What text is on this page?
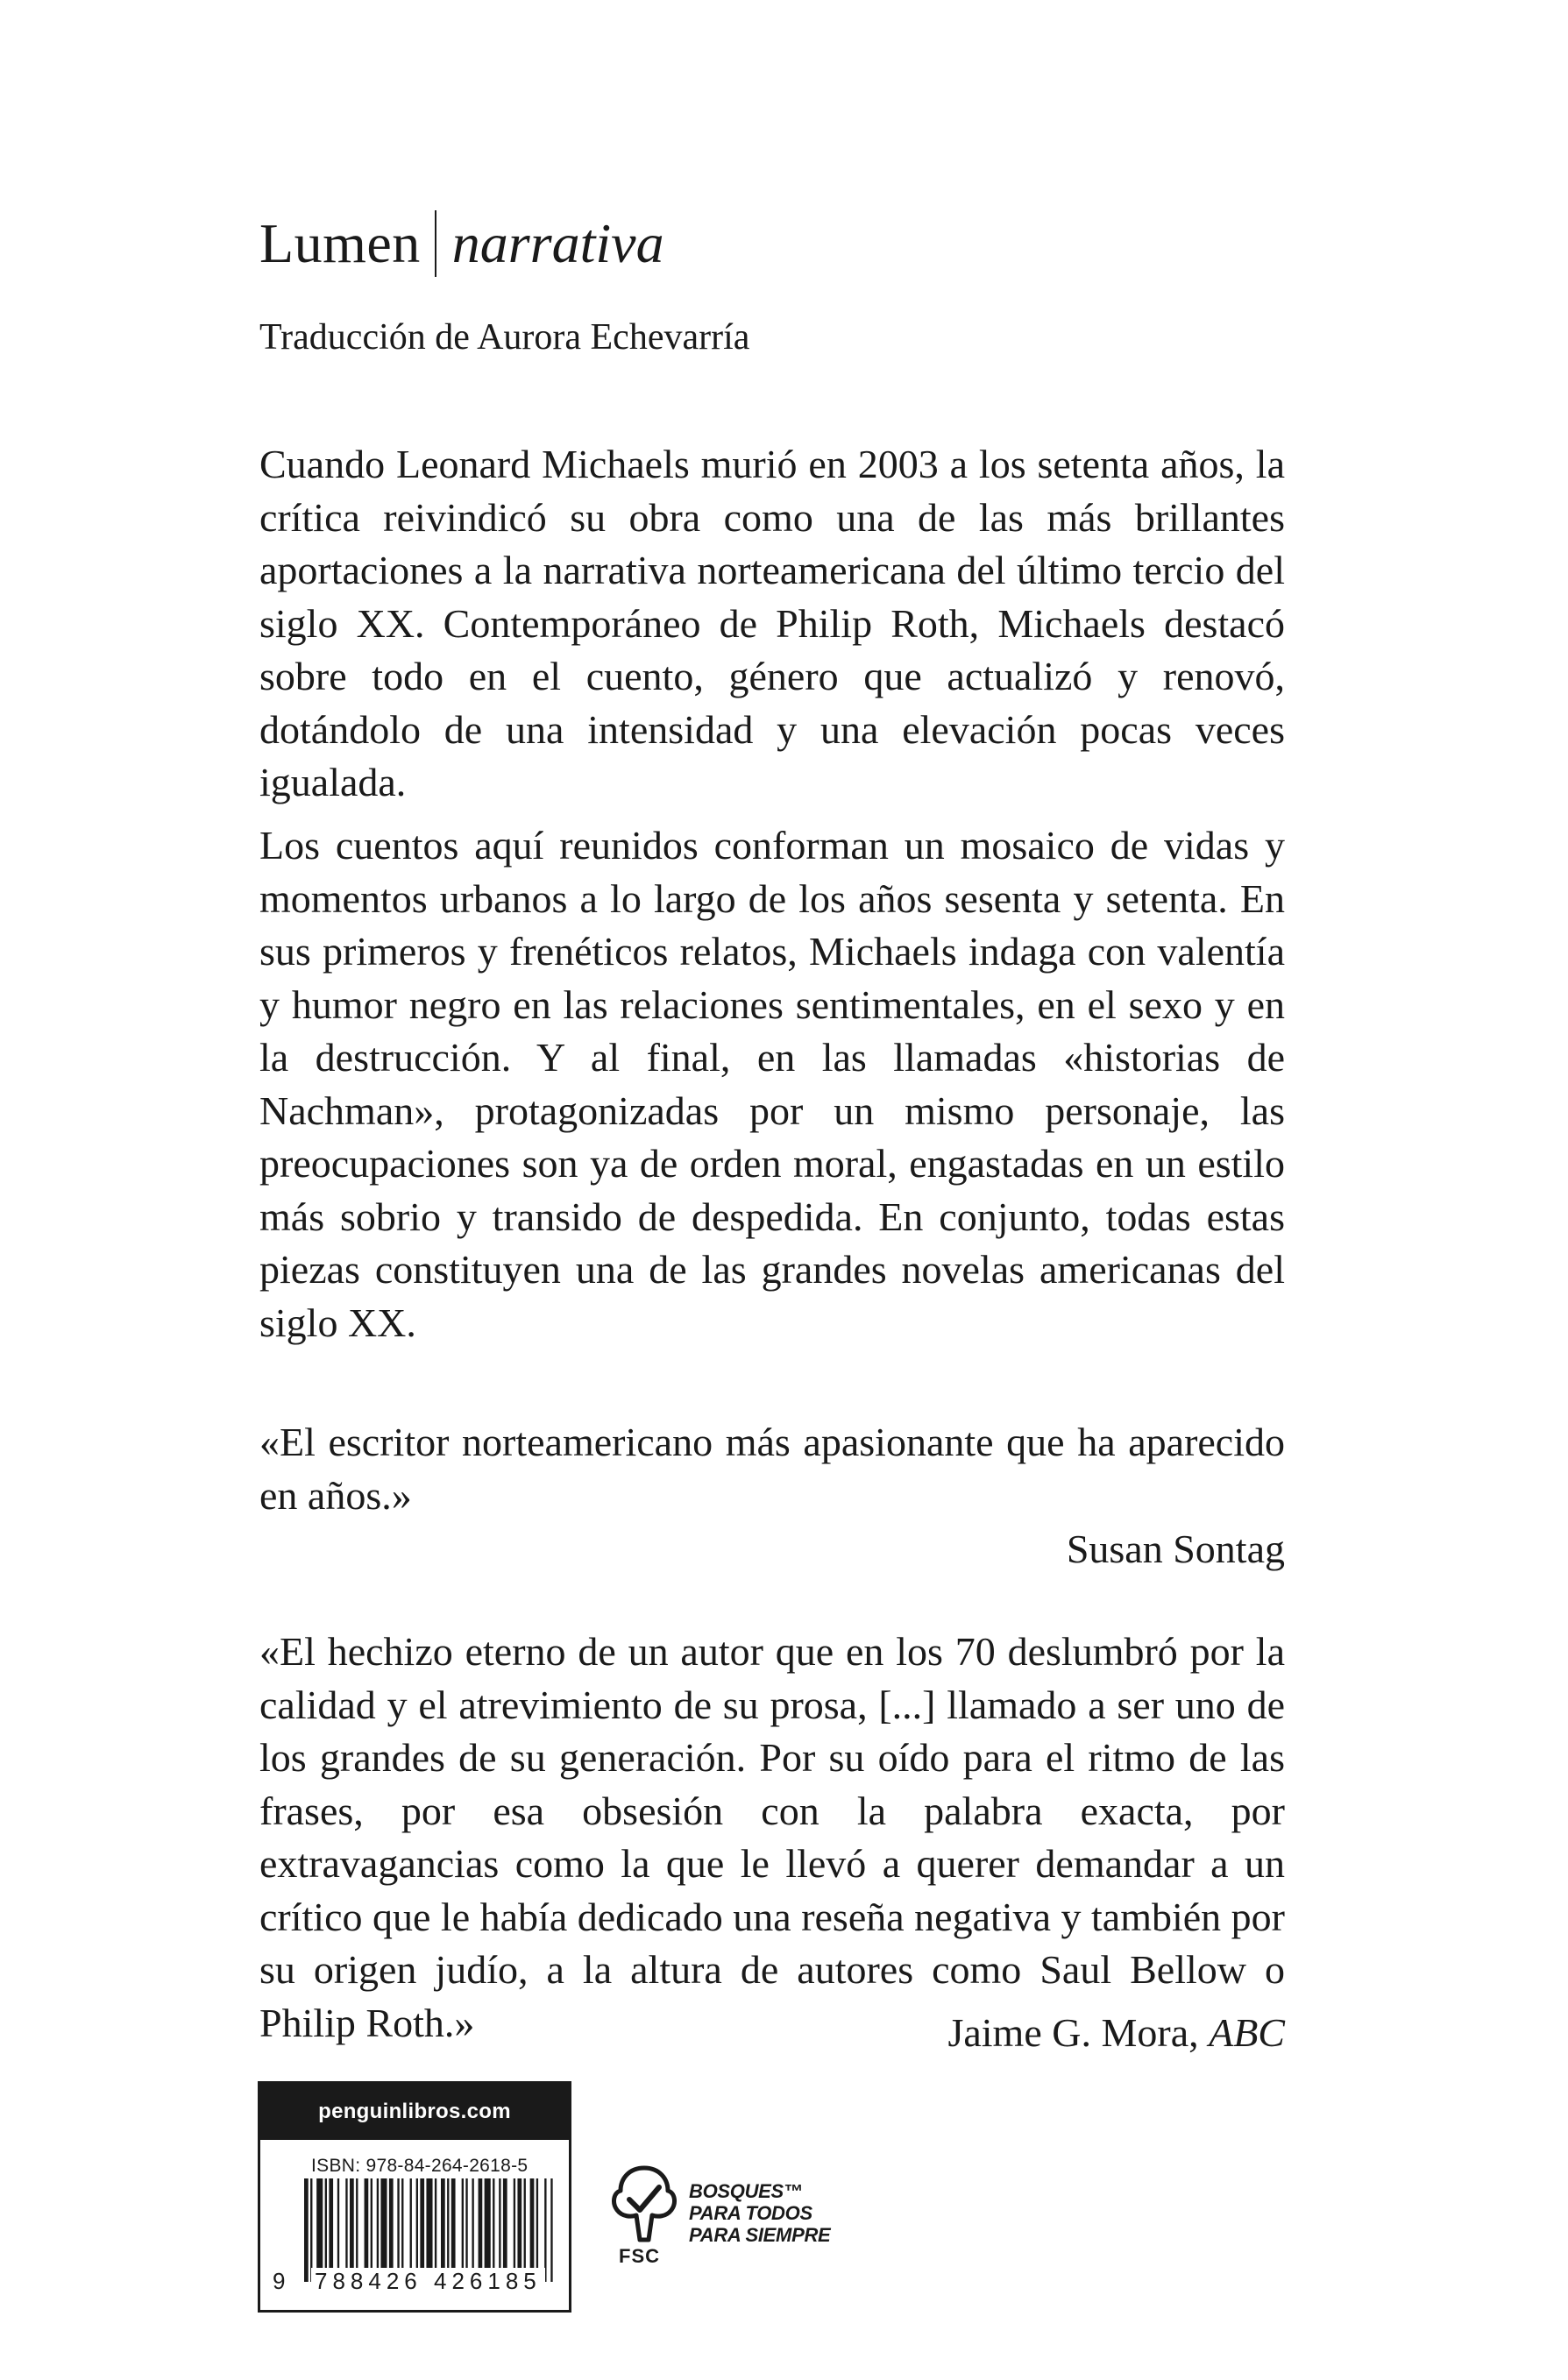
Lumen narrativa
Traducción de Aurora Echevarría

Cuando Leonard Michaels murió en 2003 a los setenta años, la crítica reivindicó su obra como una de las más brillantes aportaciones a la narrativa norteamericana del último tercio del siglo XX. Contemporáneo de Philip Roth, Michaels destacó sobre todo en el cuento, género que actualizó y renovó, dotándolo de una intensidad y una elevación pocas veces igualada.

Los cuentos aquí reunidos conforman un mosaico de vidas y momentos urbanos a lo largo de los años sesenta y setenta. En sus primeros y frenéticos relatos, Michaels indaga con valentía y humor negro en las relaciones sentimentales, en el sexo y en la destrucción. Y al final, en las llamadas «historias de Nachman», protagonizadas por un mismo personaje, las preocupaciones son ya de orden moral, engastadas en un estilo más sobrio y transido de despedida. En conjunto, todas estas piezas constituyen una de las grandes novelas americanas del siglo XX.

«El escritor norteamericano más apasionante que ha aparecido en años.»

Susan Sontag

«El hechizo eterno de un autor que en los 70 deslumbró por la calidad y el atrevimiento de su prosa, [...] llamado a ser uno de los grandes de su generación. Por su oído para el ritmo de las frases, por esa obsesión con la palabra exacta, por extravagancias como la que le llevó a querer demandar a un crítico que le había dedicado una reseña negativa y también por su origen judío, a la altura de autores como Saul Bellow o Philip Roth.»	Jaime G. Mora, ABC
penguinlibros.com
ISBN: 978-84-264-2618-5
9 788426 426185
FSC
BOSQUES™
PARA TODOS
PARA SIEMPRE
